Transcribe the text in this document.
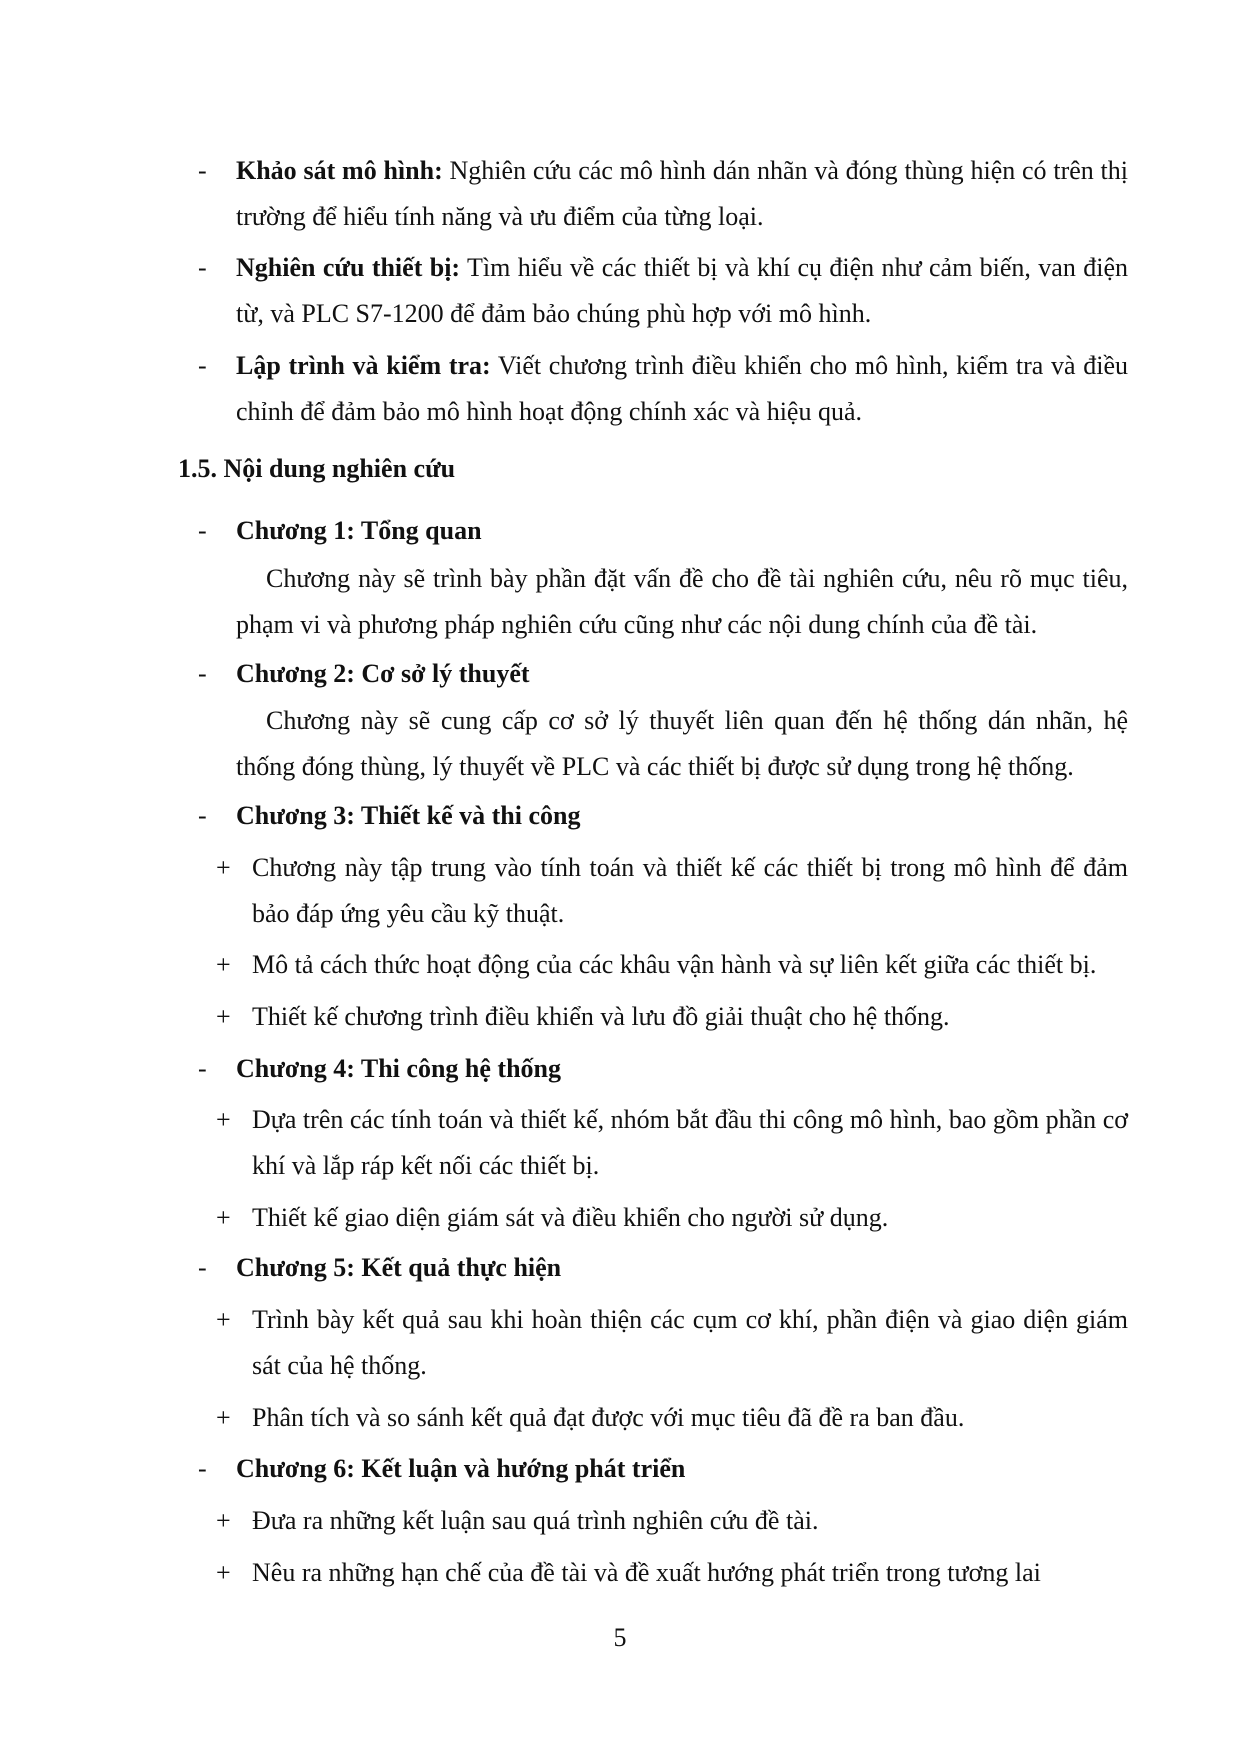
- Khảo sát mô hình: Nghiên cứu các mô hình dán nhãn và đóng thùng hiện có trên thị trường để hiểu tính năng và ưu điểm của từng loại.
- Nghiên cứu thiết bị: Tìm hiểu về các thiết bị và khí cụ điện như cảm biến, van điện từ, và PLC S7-1200 để đảm bảo chúng phù hợp với mô hình.
- Lập trình và kiểm tra: Viết chương trình điều khiển cho mô hình, kiểm tra và điều chỉnh để đảm bảo mô hình hoạt động chính xác và hiệu quả.
1.5. Nội dung nghiên cứu
- Chương 1: Tổng quan
Chương này sẽ trình bày phần đặt vấn đề cho đề tài nghiên cứu, nêu rõ mục tiêu, phạm vi và phương pháp nghiên cứu cũng như các nội dung chính của đề tài.
- Chương 2: Cơ sở lý thuyết
Chương này sẽ cung cấp cơ sở lý thuyết liên quan đến hệ thống dán nhãn, hệ thống đóng thùng, lý thuyết về PLC và các thiết bị được sử dụng trong hệ thống.
- Chương 3: Thiết kế và thi công
+ Chương này tập trung vào tính toán và thiết kế các thiết bị trong mô hình để đảm bảo đáp ứng yêu cầu kỹ thuật.
+ Mô tả cách thức hoạt động của các khâu vận hành và sự liên kết giữa các thiết bị.
+ Thiết kế chương trình điều khiển và lưu đồ giải thuật cho hệ thống.
- Chương 4: Thi công hệ thống
+ Dựa trên các tính toán và thiết kế, nhóm bắt đầu thi công mô hình, bao gồm phần cơ khí và lắp ráp kết nối các thiết bị.
+ Thiết kế giao diện giám sát và điều khiển cho người sử dụng.
- Chương 5: Kết quả thực hiện
+ Trình bày kết quả sau khi hoàn thiện các cụm cơ khí, phần điện và giao diện giám sát của hệ thống.
+ Phân tích và so sánh kết quả đạt được với mục tiêu đã đề ra ban đầu.
- Chương 6: Kết luận và hướng phát triển
+ Đưa ra những kết luận sau quá trình nghiên cứu đề tài.
+ Nêu ra những hạn chế của đề tài và đề xuất hướng phát triển trong tương lai
5
